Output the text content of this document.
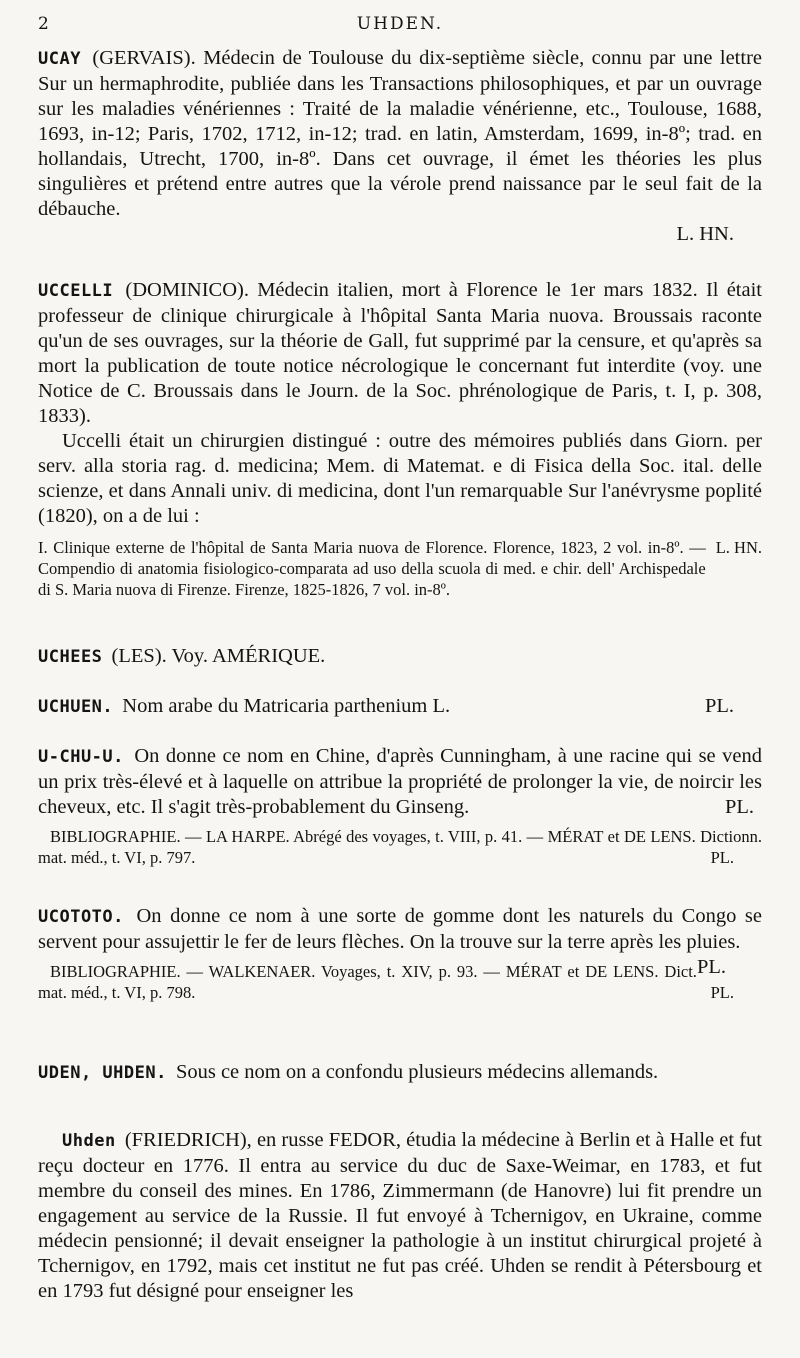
2	UHDEN.
UCAY (GERVAIS). Médecin de Toulouse du dix-septième siècle, connu par une lettre Sur un hermaphrodite, publiée dans les Transactions philosophiques, et par un ouvrage sur les maladies vénériennes : Traité de la maladie vénérienne, etc., Toulouse, 1688, 1693, in-12; Paris, 1702, 1712, in-12; trad. en latin, Amsterdam, 1699, in-8º; trad. en hollandais, Utrecht, 1700, in-8º. Dans cet ouvrage, il émet les théories les plus singulières et prétend entre autres que la vérole prend naissance par le seul fait de la débauche.
L. HN.
UCCELLI (DOMINICO). Médecin italien, mort à Florence le 1er mars 1832. Il était professeur de clinique chirurgicale à l'hôpital Santa Maria nuova. Broussais raconte qu'un de ses ouvrages, sur la théorie de Gall, fut supprimé par la censure, et qu'après sa mort la publication de toute notice nécrologique le concernant fut interdite (voy. une Notice de C. Broussais dans le Journ. de la Soc. phrénologique de Paris, t. I, p. 308, 1833).
Uccelli était un chirurgien distingué : outre des mémoires publiés dans Giorn. per serv. alla storia rag. d. medicina; Mem. di Matemat. e di Fisica della Soc. ital. delle scienze, et dans Annali univ. di medicina, dont l'un remarquable Sur l'anévrysme poplité (1820), on a de lui :
I. Clinique externe de l'hôpital de Santa Maria nuova de Florence. Florence, 1823, 2 vol. in-8º. — Compendio di anatomia fisiologico-comparata ad uso della scuola di med. e chir. dell' Archispedale di S. Maria nuova di Firenze. Firenze, 1825-1826, 7 vol. in-8º.
L. HN.
UCHEES (LES). Voy. AMÉRIQUE.
UCHUEN. Nom arabe du Matricaria parthenium L.	PL.
U-CHU-U. On donne ce nom en Chine, d'après Cunningham, à une racine qui se vend un prix très-élevé et à laquelle on attribue la propriété de prolonger la vie, de noircir les cheveux, etc. Il s'agit très-probablement du Ginseng.	PL.
BIBLIOGRAPHIE. — LA HARPE. Abrégé des voyages, t. VIII, p. 41. — MÉRAT et DE LENS. Dictionn. mat. méd., t. VI, p. 797.	PL.
UCOTOTO. On donne ce nom à une sorte de gomme dont les naturels du Congo se servent pour assujettir le fer de leurs flèches. On la trouve sur la terre après les pluies.
PL.
BIBLIOGRAPHIE. — WALKENAER. Voyages, t. XIV, p. 93. — MÉRAT et DE LENS. Dict. mat. méd., t. VI, p. 798.	PL.
UDEN, UHDEN. Sous ce nom on a confondu plusieurs médecins allemands.
Uhden (FRIEDRICH), en russe FEDOR, étudia la médecine à Berlin et à Halle et fut reçu docteur en 1776. Il entra au service du duc de Saxe-Weimar, en 1783, et fut membre du conseil des mines. En 1786, Zimmermann (de Hanovre) lui fit prendre un engagement au service de la Russie. Il fut envoyé à Tchernigov, en Ukraine, comme médecin pensionné; il devait enseigner la pathologie à un institut chirurgical projeté à Tchernigov, en 1792, mais cet institut ne fut pas créé. Uhden se rendit à Pétersbourg et en 1793 fut désigné pour enseigner les
